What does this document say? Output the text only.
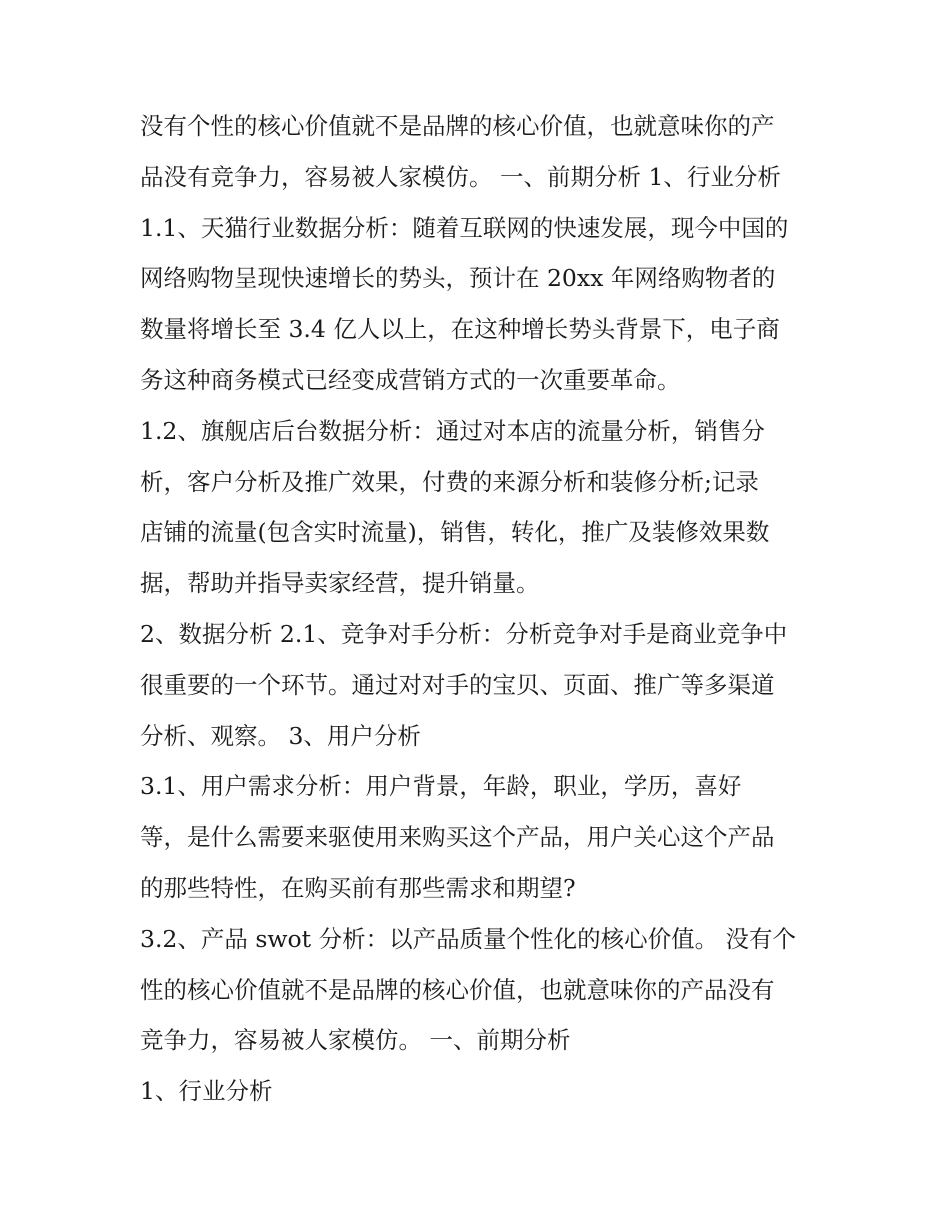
没有个性的核心价值就不是品牌的核心价值，也就意味你的产
品没有竞争力，容易被人家模仿。 一、前期分析 1、行业分析
1.1、天猫行业数据分析：随着互联网的快速发展，现今中国的
网络购物呈现快速增长的势头，预计在 20xx 年网络购物者的
数量将增长至 3.4 亿人以上，在这种增长势头背景下，电子商
务这种商务模式已经变成营销方式的一次重要革命。
1.2、旗舰店后台数据分析：通过对本店的流量分析，销售分
析，客户分析及推广效果，付费的来源分析和装修分析;记录
店铺的流量(包含实时流量)，销售，转化，推广及装修效果数
据，帮助并指导卖家经营，提升销量。
2、数据分析 2.1、竞争对手分析：分析竞争对手是商业竞争中
很重要的一个环节。通过对对手的宝贝、页面、推广等多渠道
分析、观察。 3、用户分析
3.1、用户需求分析：用户背景，年龄，职业，学历，喜好
等，是什么需要来驱使用来购买这个产品，用户关心这个产品
的那些特性，在购买前有那些需求和期望?
3.2、产品 swot 分析：以产品质量个性化的核心价值。 没有个
性的核心价值就不是品牌的核心价值，也就意味你的产品没有
竞争力，容易被人家模仿。 一、前期分析
1、行业分析
